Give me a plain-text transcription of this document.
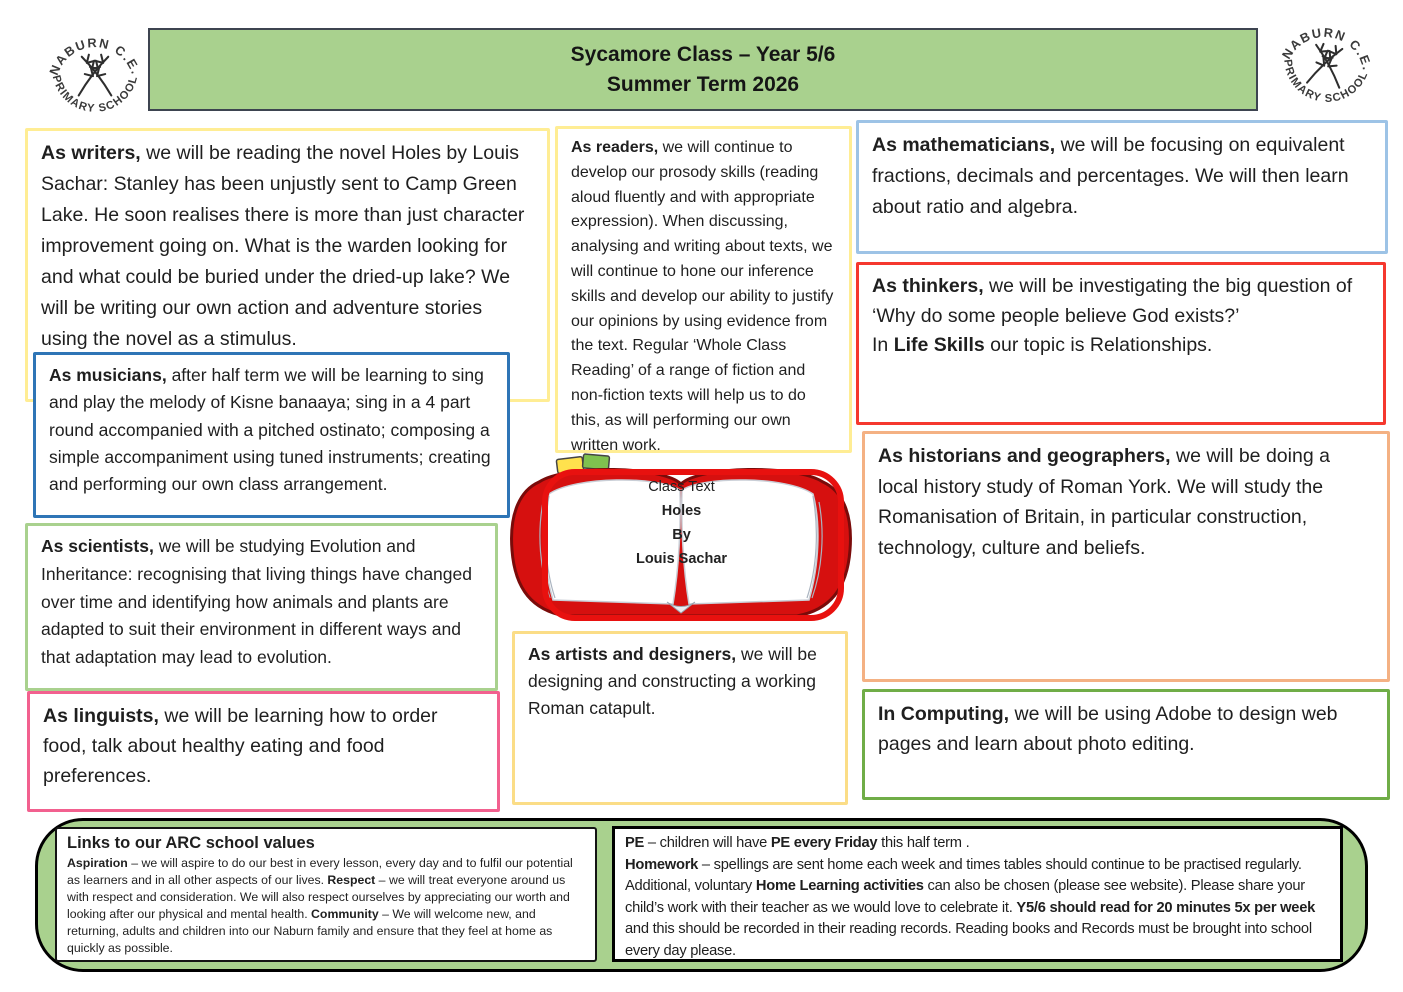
NABURN C.E.
PRIMARY SCHOOL
Sycamore Class – Year 5/6
Summer Term 2026
NABURN C.E.
PRIMARY SCHOOL

As writers, we will be reading the novel Holes by Louis Sachar: Stanley has been unjustly sent to Camp Green Lake. He soon realises there is more than just character improvement going on. What is the warden looking for and what could be buried under the dried-up lake? We will be writing our own action and adventure stories using the novel as a stimulus.

As readers, we will continue to develop our prosody skills (reading aloud fluently and with appropriate expression). When discussing, analysing and writing about texts, we will continue to hone our inference skills and develop our ability to justify our opinions by using evidence from the text. Regular ‘Whole Class Reading’ of a range of fiction and non-fiction texts will help us to do this, as will performing our own written work.

As mathematicians, we will be focusing on equivalent fractions, decimals and percentages. We will then learn about ratio and algebra.

As thinkers, we will be investigating the big question of ‘Why do some people believe God exists?’

In Life Skills our topic is Relationships.

As musicians, after half term we will be learning to sing and play the melody of Kisne banaaya; sing in a 4 part round accompanied with a pitched ostinato; composing a simple accompaniment using tuned instruments; creating and performing our own class arrangement.

As scientists, we will be studying Evolution and Inheritance: recognising that living things have changed over time and identifying how animals and plants are adapted to suit their environment in different ways and that adaptation may lead to evolution.

As historians and geographers, we will be doing a local history study of Roman York. We will study the Romanisation of Britain, in particular construction, technology, culture and beliefs.

As linguists, we will be learning how to order food, talk about healthy eating and food preferences.

In Computing, we will be using Adobe to design web pages and learn about photo editing.

As artists and designers, we will be designing and constructing a working Roman catapult.

Class Text
Holes
By
Louis Sachar
Links to our ARC school values

Aspiration – we will aspire to do our best in every lesson, every day and to fulfil our potential as learners and in all other aspects of our lives. Respect – we will treat everyone around us with respect and consideration. We will also respect ourselves by appreciating our worth and looking after our physical and mental health. Community – We will welcome new, and returning, adults and children into our Naburn family and ensure that they feel at home as quickly as possible.

PE – children will have PE every Friday this half term .

Homework – spellings are sent home each week and times tables should continue to be practised regularly. Additional, voluntary Home Learning activities can also be chosen (please see website). Please share your child’s work with their teacher as we would love to celebrate it. Y5/6 should read for 20 minutes 5x per week and this should be recorded in their reading records. Reading books and Records must be brought into school every day please.
